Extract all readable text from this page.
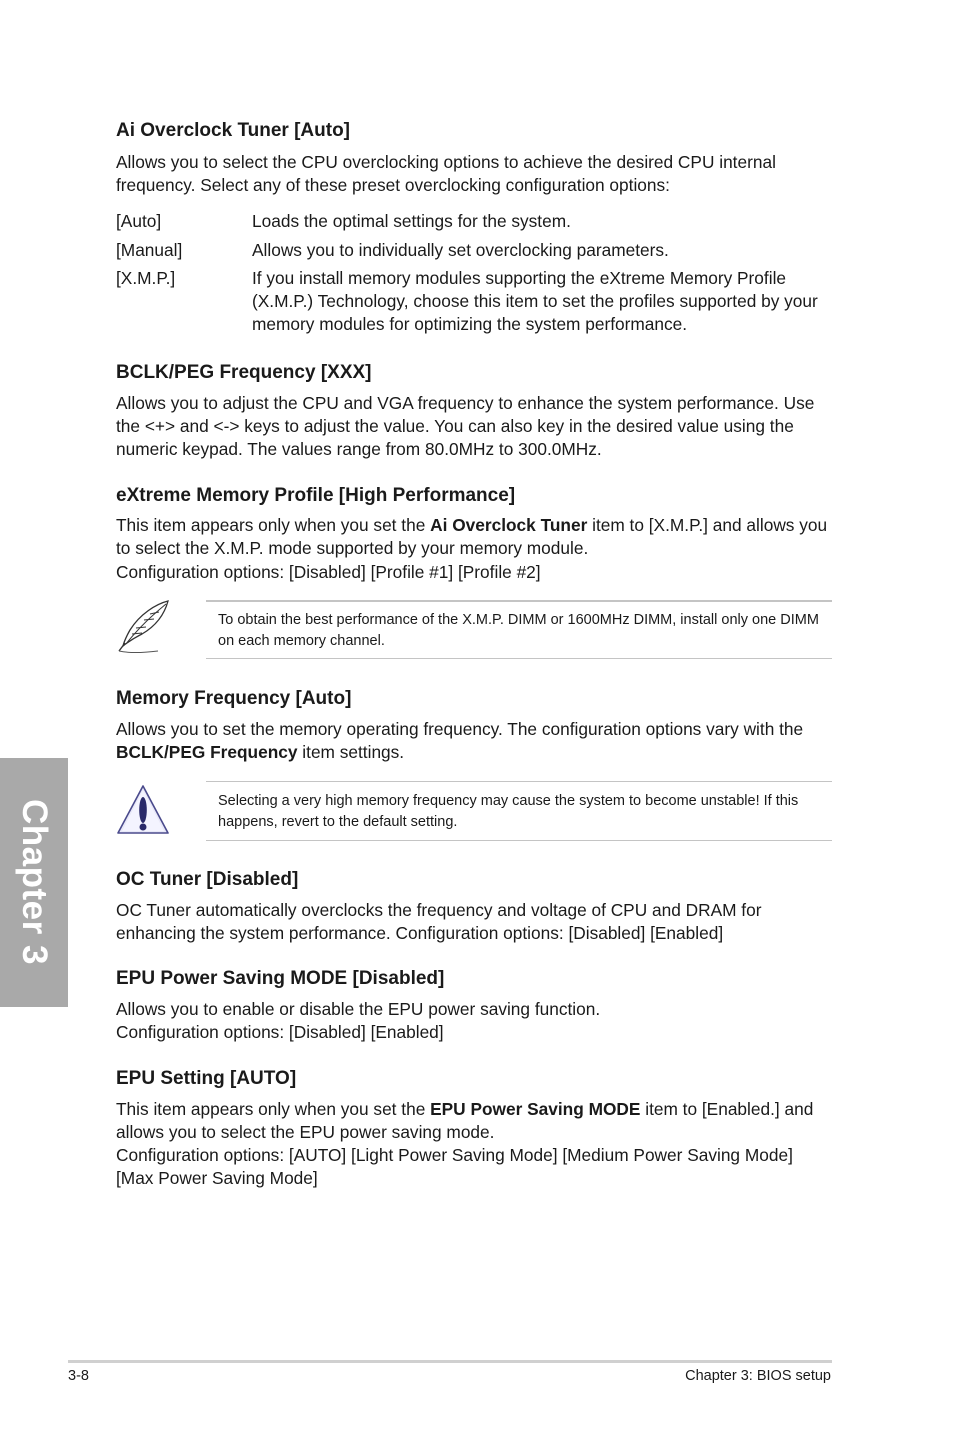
Chapter 3
Ai Overclock Tuner [Auto]

Allows you to select the CPU overclocking options to achieve the desired CPU internal frequency. Select any of these preset overclocking configuration options:

[Auto]	Loads the optimal settings for the system.
[Manual]	Allows you to individually set overclocking parameters.
[X.M.P.]	If you install memory modules supporting the eXtreme Memory Profile (X.M.P.) Technology, choose this item to set the profiles supported by your memory modules for optimizing the system performance.
BCLK/PEG Frequency [XXX]

Allows you to adjust the CPU and VGA frequency to enhance the system performance. Use the <+> and <-> keys to adjust the value. You can also key in the desired value using the numeric keypad. The values range from 80.0MHz to 300.0MHz.

eXtreme Memory Profile [High Performance]

This item appears only when you set the Ai Overclock Tuner item to [X.M.P.] and allows you to select the X.M.P. mode supported by your memory module.

Configuration options: [Disabled] [Profile #1] [Profile #2]

To obtain the best performance of the X.M.P. DIMM or 1600MHz DIMM, install only one DIMM on each memory channel.
Memory Frequency [Auto]

Allows you to set the memory operating frequency. The configuration options vary with the BCLK/PEG Frequency item settings.

Selecting a very high memory frequency may cause the system to become unstable! If this happens, revert to the default setting.
OC Tuner [Disabled]

OC Tuner automatically overclocks the frequency and voltage of CPU and DRAM for enhancing the system performance. Configuration options: [Disabled] [Enabled]

EPU Power Saving MODE [Disabled]

Allows you to enable or disable the EPU power saving function.

Configuration options: [Disabled] [Enabled]

EPU Setting [AUTO]

This item appears only when you set the EPU Power Saving MODE item to [Enabled.] and allows you to select the EPU power saving mode.

Configuration options: [AUTO] [Light Power Saving Mode] [Medium Power Saving Mode] [Max Power Saving Mode]

3-8	Chapter 3: BIOS setup
